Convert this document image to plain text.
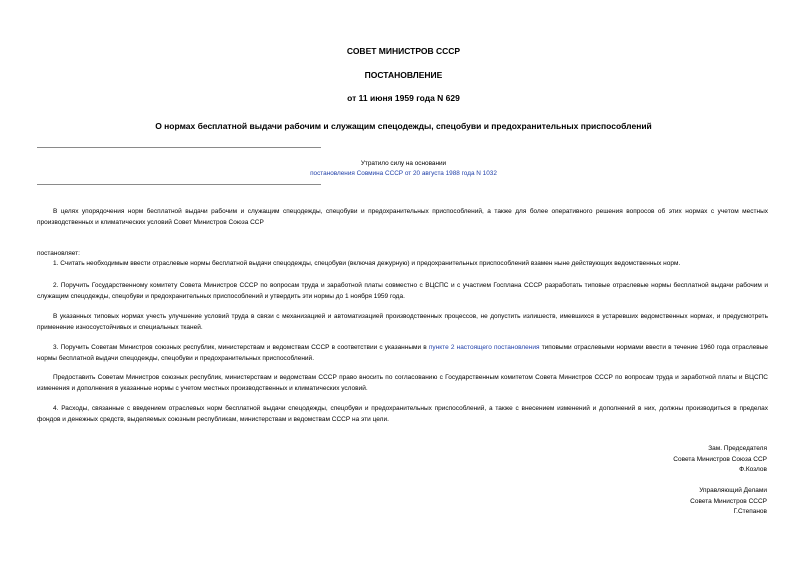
СОВЕТ МИНИСТРОВ СССР
ПОСТАНОВЛЕНИЕ
от 11 июня 1959 года N 629
О нормах бесплатной выдачи рабочим и служащим спецодежды, спецобуви и предохранительных приспособлений
Утратило силу на основании
постановления Совмина СССР от 20 августа 1988 года N 1032
В целях упорядочения норм бесплатной выдачи рабочим и служащим спецодежды, спецобуви и предохранительных приспособлений, а также для более оперативного решения вопросов об этих нормах с учетом местных производственных и климатических условий Совет Министров Союза ССР
постановляет:
1. Считать необходимым ввести отраслевые нормы бесплатной выдачи спецодежды, спецобуви (включая дежурную) и предохранительных приспособлений взамен ныне действующих ведомственных норм.
2. Поручить Государственному комитету Совета Министров СССР по вопросам труда и заработной платы совместно с ВЦСПС и с участием Госплана СССР разработать типовые отраслевые нормы бесплатной выдачи рабочим и служащим спецодежды, спецобуви и предохранительных приспособлений и утвердить эти нормы до 1 ноября 1959 года.
В указанных типовых нормах учесть улучшение условий труда в связи с механизацией и автоматизацией производственных процессов, не допустить излишеств, имевшихся в устаревших ведомственных нормах, и предусмотреть применение износоустойчивых и специальных тканей.
3. Поручить Советам Министров союзных республик, министерствам и ведомствам СССР в соответствии с указанными в пункте 2 настоящего постановления типовыми отраслевыми нормами ввести в течение 1960 года отраслевые нормы бесплатной выдачи спецодежды, спецобуви и предохранительных приспособлений.
Предоставить Советам Министров союзных республик, министерствам и ведомствам СССР право вносить по согласованию с Государственным комитетом Совета Министров СССР по вопросам труда и заработной платы и ВЦСПС изменения и дополнения в указанные нормы с учетом местных производственных и климатических условий.
4. Расходы, связанные с введением отраслевых норм бесплатной выдачи спецодежды, спецобуви и предохранительных приспособлений, а также с внесением изменений и дополнений в них, должны производиться в пределах фондов и денежных средств, выделяемых союзным республикам, министерствам и ведомствам СССР на эти цели.
Зам. Председателя
Совета Министров Союза ССР
Ф.Козлов
Управляющий Делами
Совета Министров СССР
Г.Степанов
